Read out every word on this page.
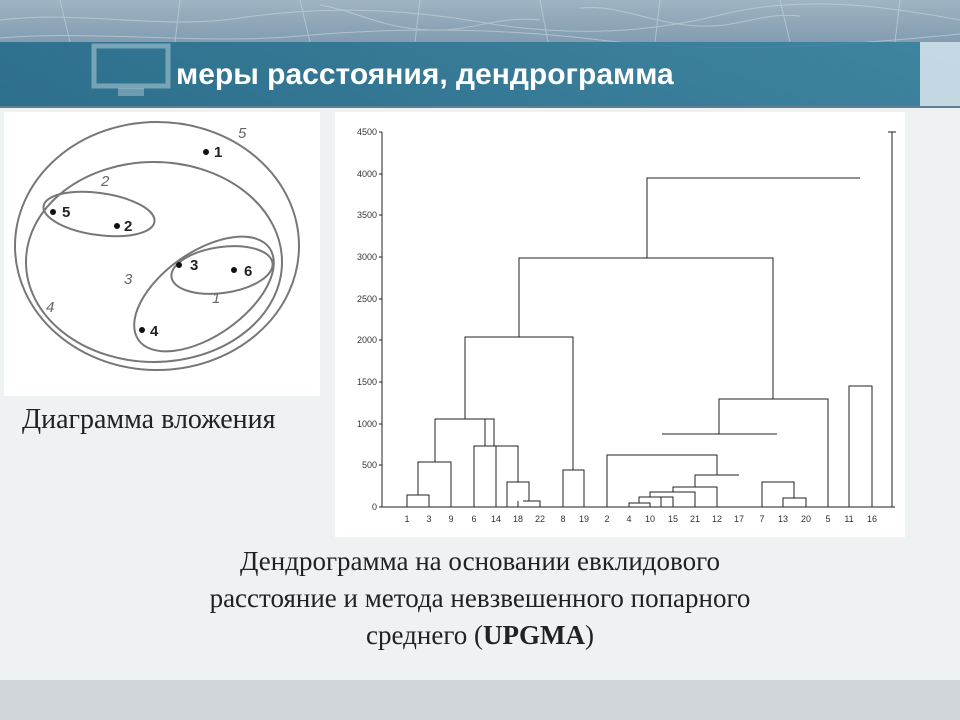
меры расстояния, дендрограмма
5
2
3
1
4
1
5
2
3	6
4
4500
4000
3500
3000
2500
2000
1500
1000
500
0
1 3 9 6 14 18 22 8 19 2 4 10 15 21 12 17 7 13 20 5 11 16

Диаграмма вложения

Дендрограмма на основании евклидового
расстояние и метода невзвешенного попарного
среднего (UPGMA)
